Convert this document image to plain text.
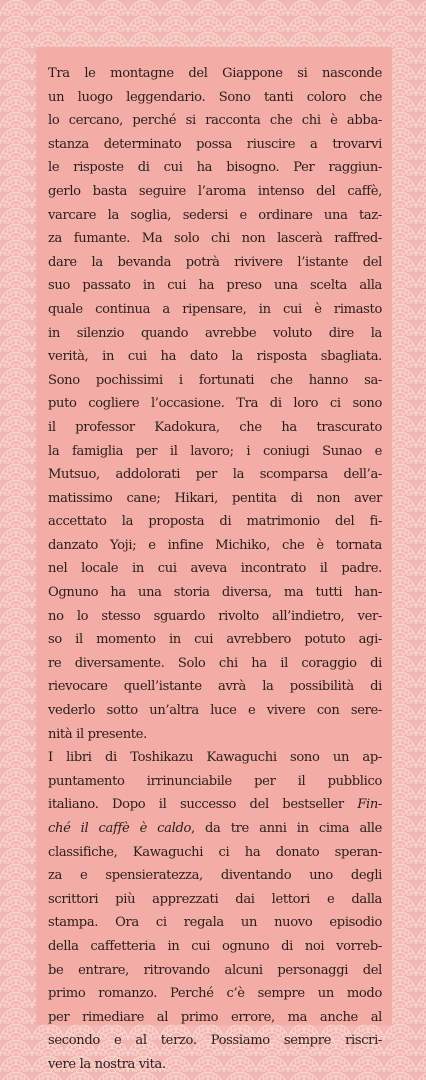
Tra le montagne del Giappone si nasconde
un luogo leggendario. Sono tanti coloro che
lo cercano, perché si racconta che chi è abba-
stanza determinato possa riuscire a trovarvi
le risposte di cui ha bisogno. Per raggiun-
gerlo basta seguire l’aroma intenso del caffè,
varcare la soglia, sedersi e ordinare una taz-
za fumante. Ma solo chi non lascerà raffred-
dare la bevanda potrà rivivere l’istante del
suo passato in cui ha preso una scelta alla
quale continua a ripensare, in cui è rimasto
in silenzio quando avrebbe voluto dire la
verità, in cui ha dato la risposta sbagliata.
Sono pochissimi i fortunati che hanno sa-
puto cogliere l’occasione. Tra di loro ci sono
il professor Kadokura, che ha trascurato
la famiglia per il lavoro; i coniugi Sunao e
Mutsuo, addolorati per la scomparsa dell’a-
matissimo cane; Hikari, pentita di non aver
accettato la proposta di matrimonio del fi-
danzato Yoji; e infine Michiko, che è tornata
nel locale in cui aveva incontrato il padre.
Ognuno ha una storia diversa, ma tutti han-
no lo stesso sguardo rivolto all’indietro, ver-
so il momento in cui avrebbero potuto agi-
re diversamente. Solo chi ha il coraggio di
rievocare quell’istante avrà la possibilità di
vederlo sotto un’altra luce e vivere con sere-
nità il presente.
I libri di Toshikazu Kawaguchi sono un ap-
puntamento irrinunciabile per il pubblico
italiano. Dopo il successo del bestseller Fin-
ché il caffè è caldo, da tre anni in cima alle
classifiche, Kawaguchi ci ha donato speran-
za e spensieratezza, diventando uno degli
scrittori più apprezzati dai lettori e dalla
stampa. Ora ci regala un nuovo episodio
della caffetteria in cui ognuno di noi vorreb-
be entrare, ritrovando alcuni personaggi del
primo romanzo. Perché c’è sempre un modo
per rimediare al primo errore, ma anche al
secondo e al terzo. Possiamo sempre riscri-
vere la nostra vita.
